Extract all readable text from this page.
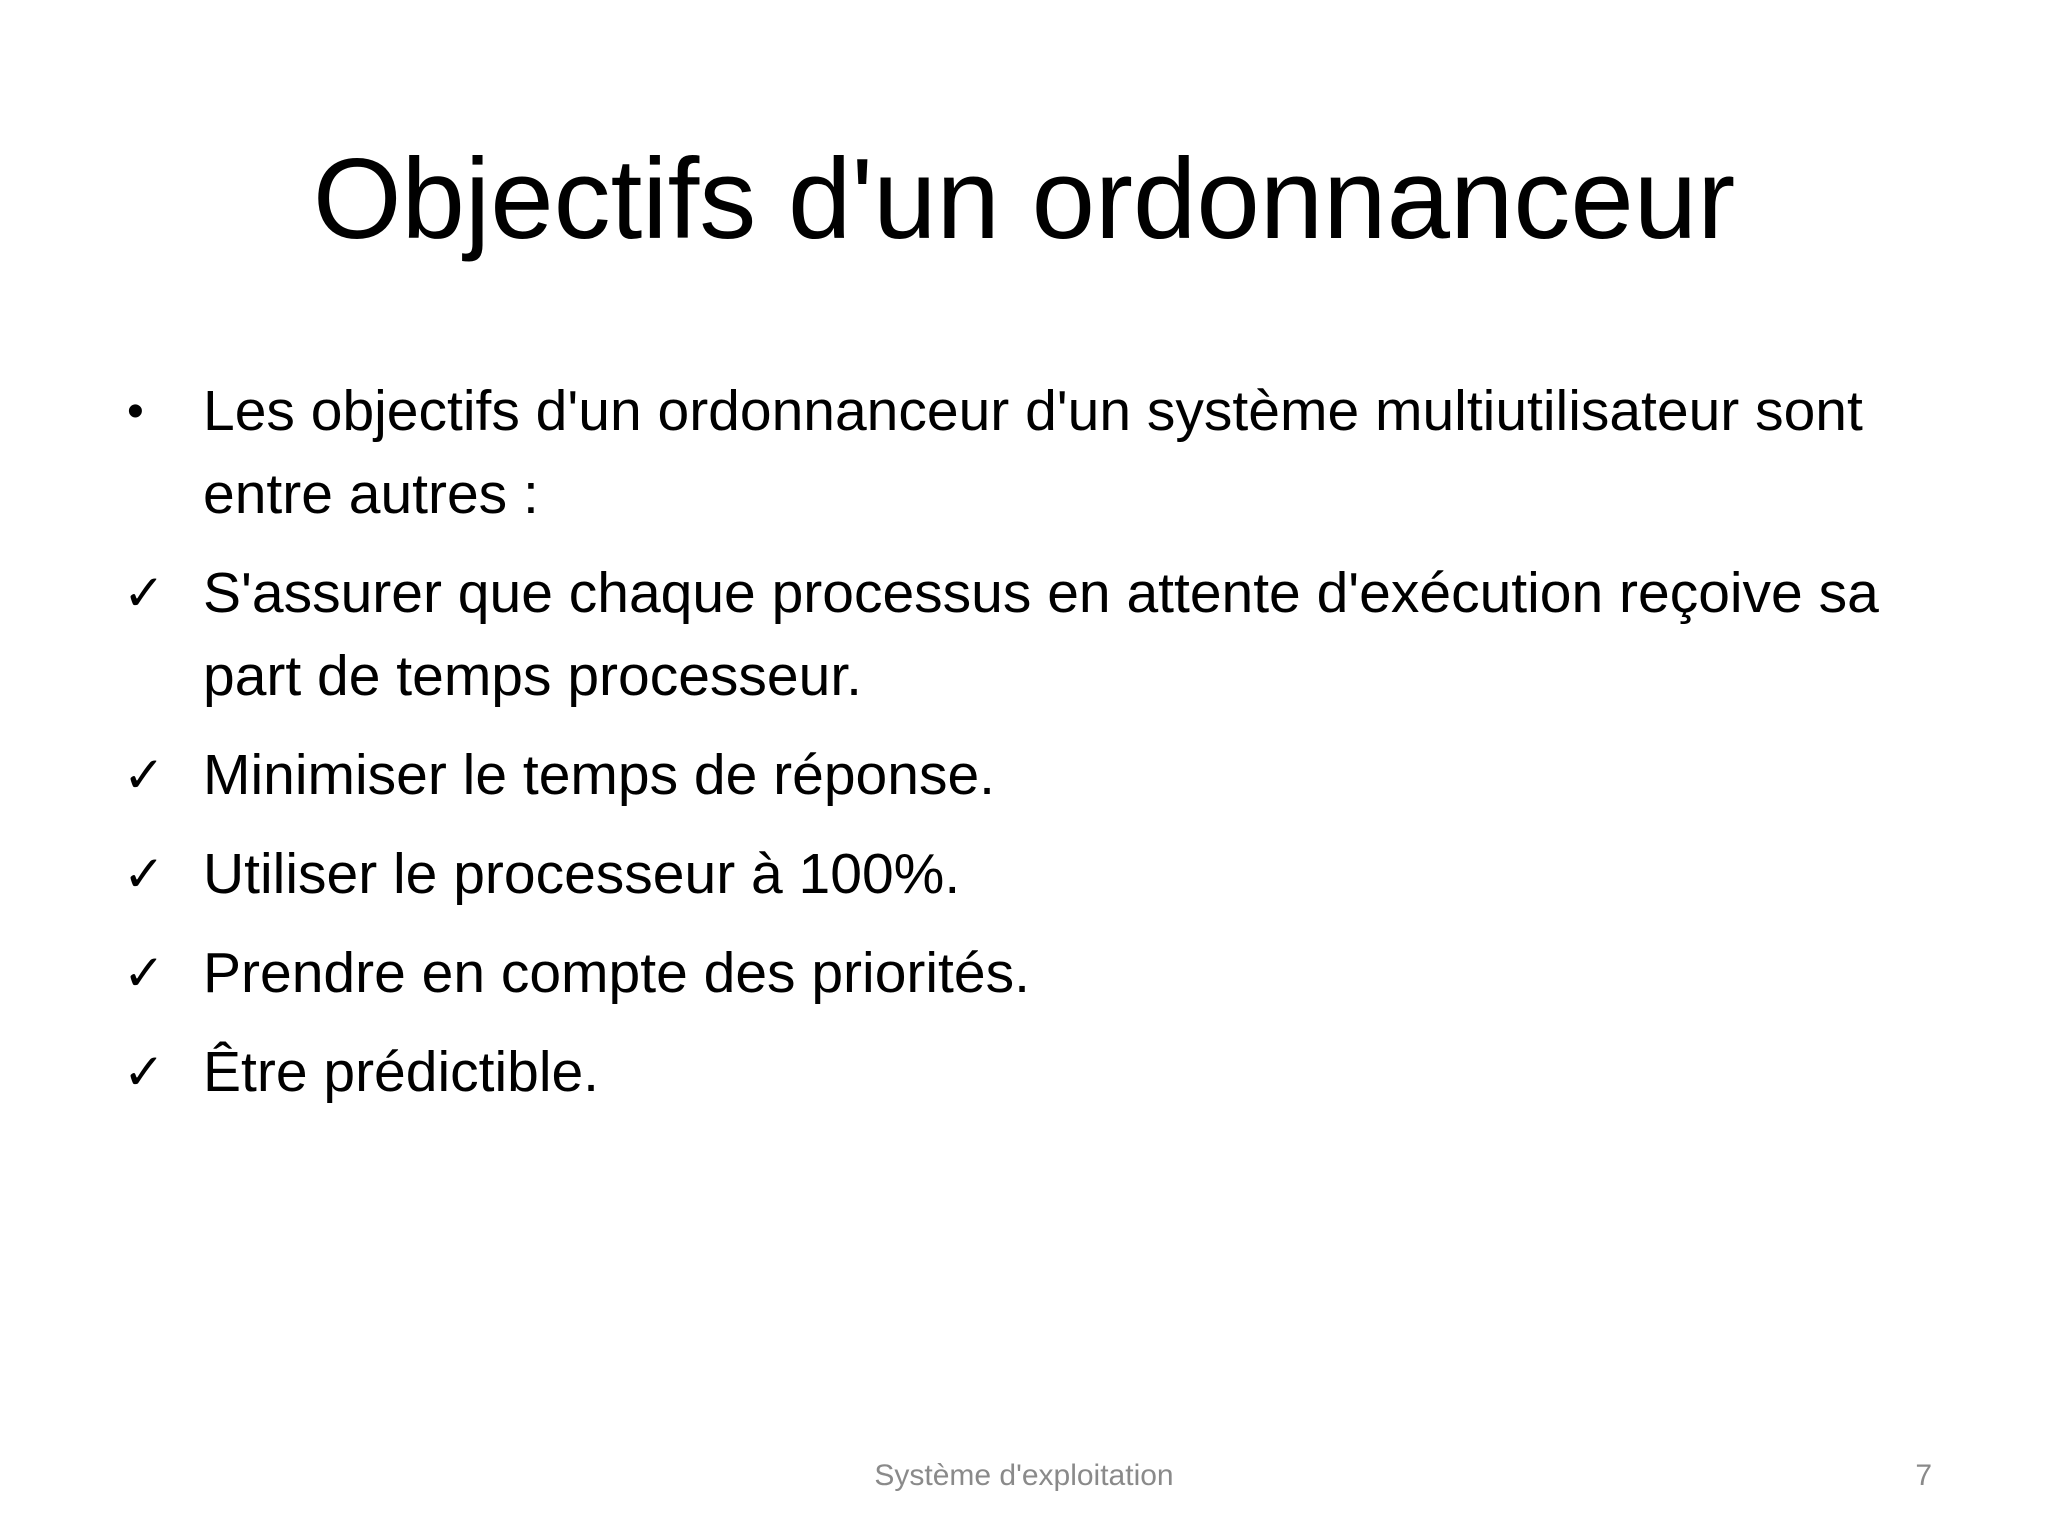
Objectifs d'un ordonnanceur
•	Les objectifs d'un ordonnanceur d'un système multiutilisateur sont entre autres :
✓ S'assurer que chaque processus en attente d'exécution reçoive sa part de temps processeur.
✓ Minimiser le temps de réponse.
✓ Utiliser le processeur à 100%.
✓ Prendre en compte des priorités.
✓ Être prédictible.
Système d'exploitation	7
